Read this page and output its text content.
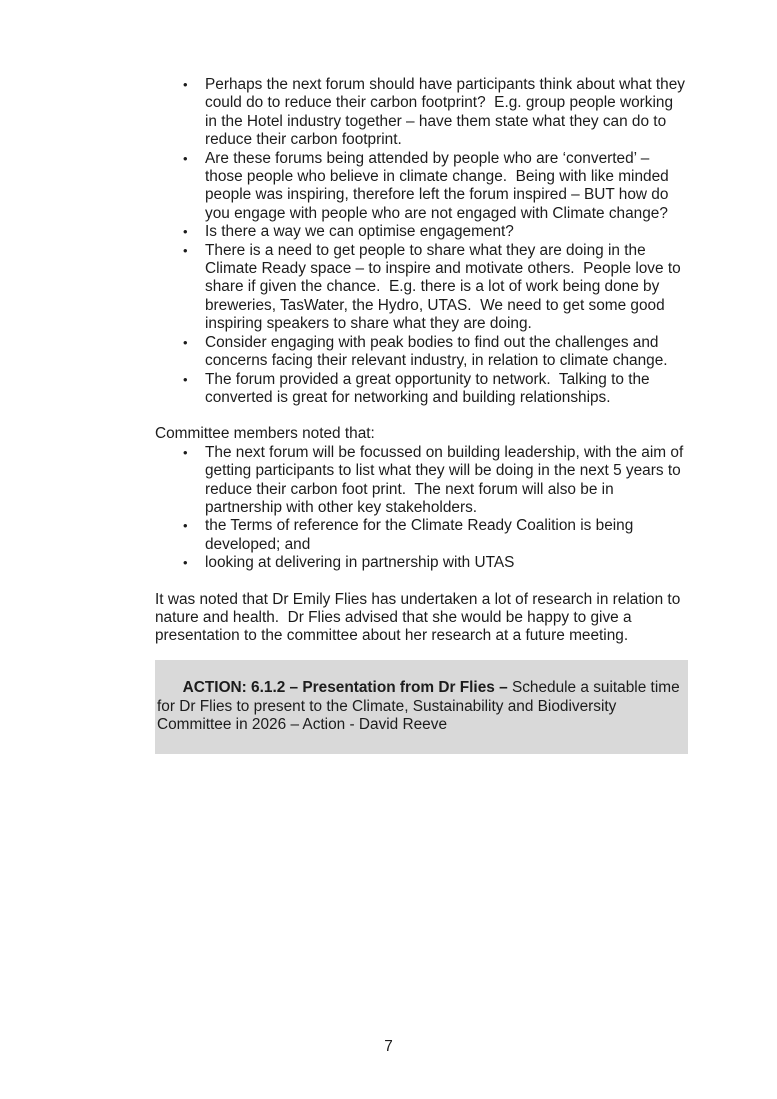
•	Perhaps the next forum should have participants think about what they could do to reduce their carbon footprint?  E.g. group people working in the Hotel industry together – have them state what they can do to reduce their carbon footprint.
•	Are these forums being attended by people who are ‘converted’ – those people who believe in climate change.  Being with like minded people was inspiring, therefore left the forum inspired – BUT how do you engage with people who are not engaged with Climate change?
•	Is there a way we can optimise engagement?
•	There is a need to get people to share what they are doing in the Climate Ready space – to inspire and motivate others.  People love to share if given the chance.  E.g. there is a lot of work being done by breweries, TasWater, the Hydro, UTAS.  We need to get some good inspiring speakers to share what they are doing.
•	Consider engaging with peak bodies to find out the challenges and concerns facing their relevant industry, in relation to climate change.
•	The forum provided a great opportunity to network.  Talking to the converted is great for networking and building relationships.

Committee members noted that:

•	The next forum will be focussed on building leadership, with the aim of getting participants to list what they will be doing in the next 5 years to reduce their carbon foot print.  The next forum will also be in partnership with other key stakeholders.
•	the Terms of reference for the Climate Ready Coalition is being developed; and
•	looking at delivering in partnership with UTAS

It was noted that Dr Emily Flies has undertaken a lot of research in relation to nature and health.  Dr Flies advised that she would be happy to give a presentation to the committee about her research at a future meeting.

ACTION: 6.1.2 – Presentation from Dr Flies – Schedule a suitable time for Dr Flies to present to the Climate, Sustainability and Biodiversity Committee in 2026 – Action - David Reeve

7
